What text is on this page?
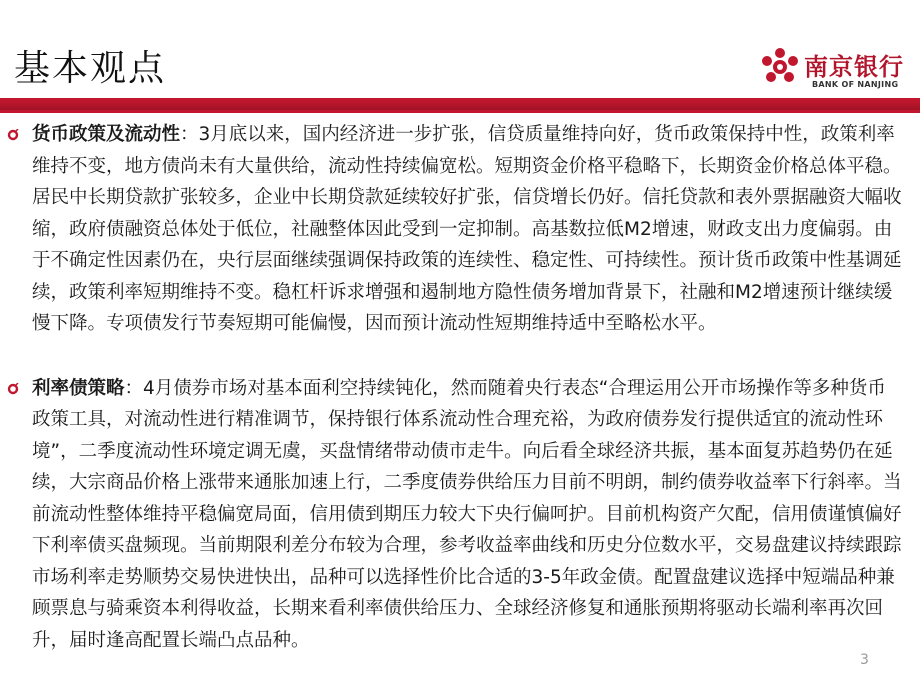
基本观点	南京银行
BANK OF NANJING

货币政策及流动性：3月底以来，国内经济进一步扩张，信贷质量维持向好，货币政策保持中性，政策利率维持不变，地方债尚未有大量供给，流动性持续偏宽松。短期资金价格平稳略下，长期资金价格总体平稳。居民中长期贷款扩张较多，企业中长期贷款延续较好扩张，信贷增长仍好。信托贷款和表外票据融资大幅收缩，政府债融资总体处于低位，社融整体因此受到一定抑制。高基数拉低M2增速，财政支出力度偏弱。由于不确定性因素仍在，央行层面继续强调保持政策的连续性、稳定性、可持续性。预计货币政策中性基调延续，政策利率短期维持不变。稳杠杆诉求增强和遏制地方隐性债务增加背景下，社融和M2增速预计继续缓慢下降。专项债发行节奏短期可能偏慢，因而预计流动性短期维持适中至略松水平。

利率债策略：4月债券市场对基本面利空持续钝化，然而随着央行表态“合理运用公开市场操作等多种货币政策工具，对流动性进行精准调节，保持银行体系流动性合理充裕，为政府债券发行提供适宜的流动性环境”，二季度流动性环境定调无虞，买盘情绪带动债市走牛。向后看全球经济共振，基本面复苏趋势仍在延续，大宗商品价格上涨带来通胀加速上行，二季度债券供给压力目前不明朗，制约债券收益率下行斜率。当前流动性整体维持平稳偏宽局面，信用债到期压力较大下央行偏呵护。目前机构资产欠配，信用债谨慎偏好下利率债买盘频现。当前期限利差分布较为合理，参考收益率曲线和历史分位数水平，交易盘建议持续跟踪市场利率走势顺势交易快进快出，品种可以选择性价比合适的3-5年政金债。配置盘建议选择中短端品种兼顾票息与骑乘资本利得收益，长期来看利率债供给压力、全球经济修复和通胀预期将驱动长端利率再次回升，届时逢高配置长端凸点品种。

3
